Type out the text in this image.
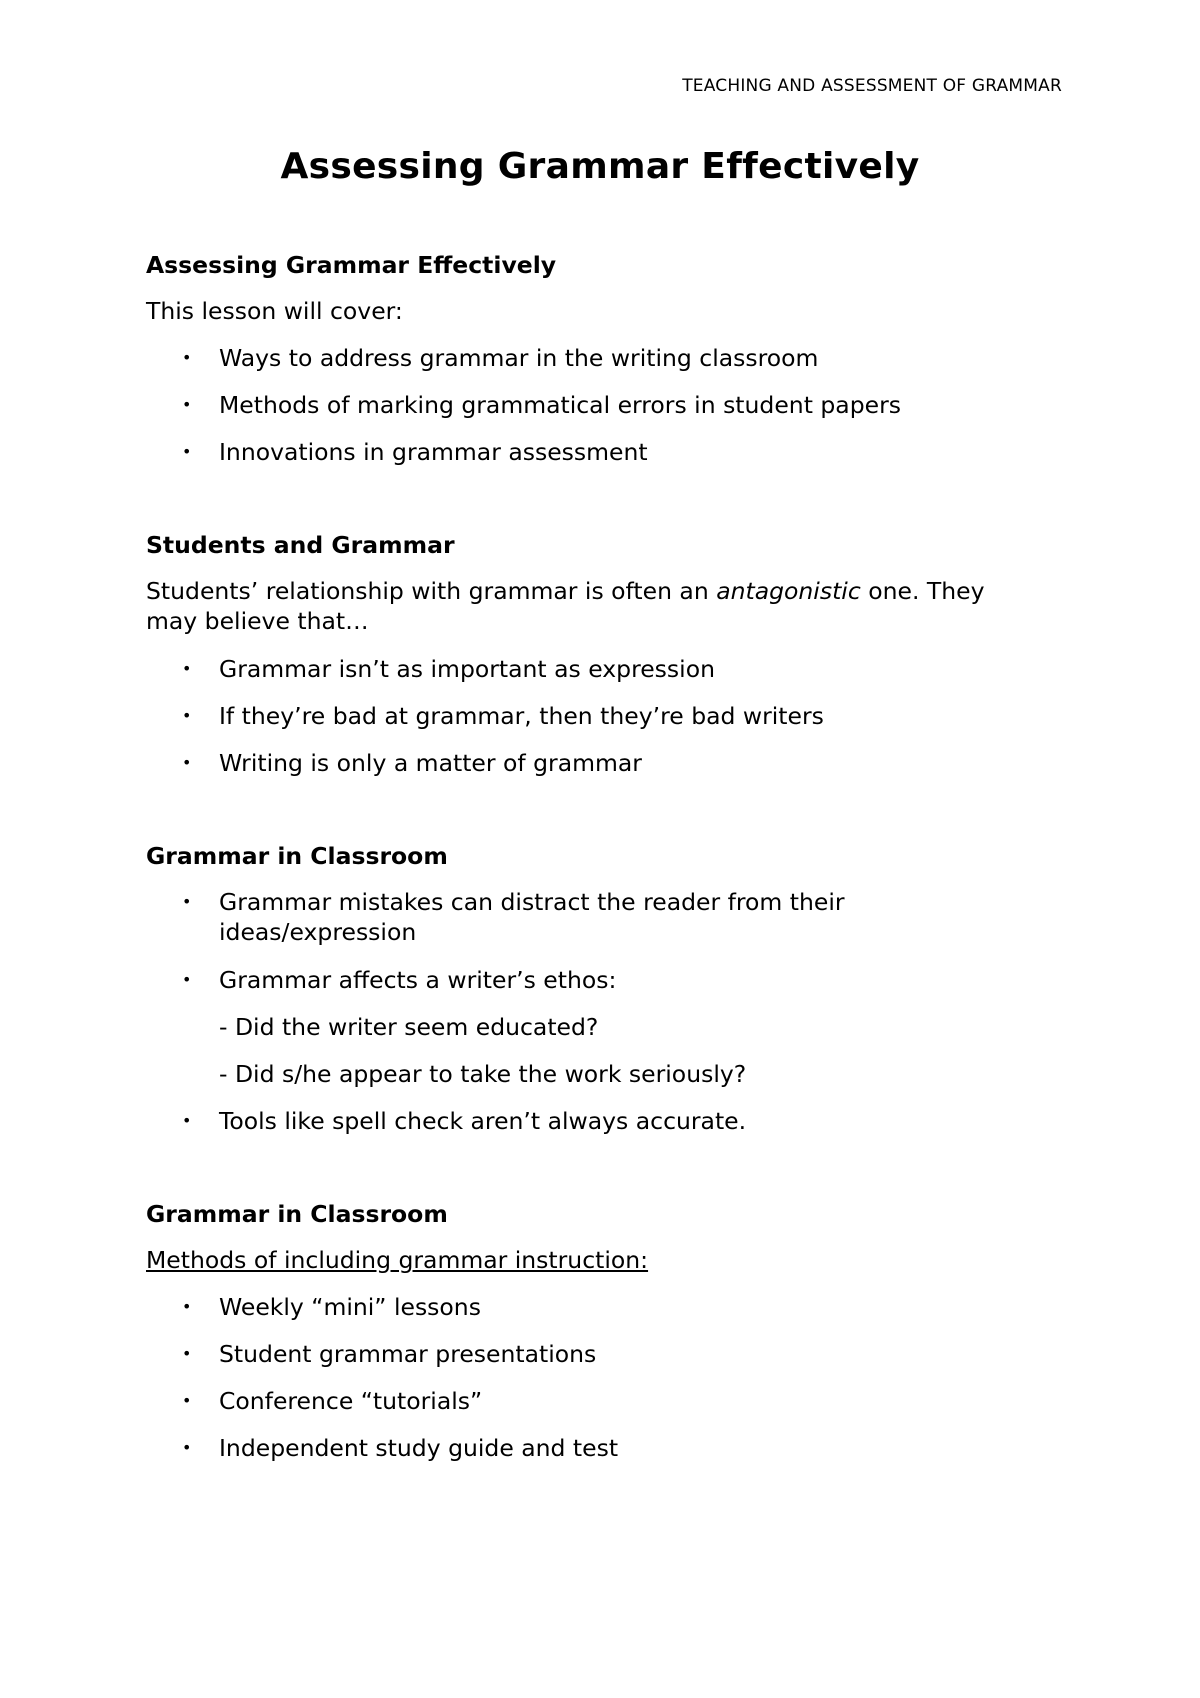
TEACHING AND ASSESSMENT OF GRAMMAR
Assessing Grammar Effectively
Assessing Grammar Effectively
This lesson will cover:
• Ways to address grammar in the writing classroom
• Methods of marking grammatical errors in student papers
• Innovations in grammar assessment
Students and Grammar
Students’ relationship with grammar is often an antagonistic one. They
may believe that…
• Grammar isn’t as important as expression
• If they’re bad at grammar, then they’re bad writers
• Writing is only a matter of grammar
Grammar in Classroom
• Grammar mistakes can distract the reader from their
ideas/expression
• Grammar affects a writer’s ethos:
- Did the writer seem educated?
- Did s/he appear to take the work seriously?
• Tools like spell check aren’t always accurate.
Grammar in Classroom
Methods of including grammar instruction:
• Weekly “mini” lessons
• Student grammar presentations
• Conference “tutorials”
• Independent study guide and test
